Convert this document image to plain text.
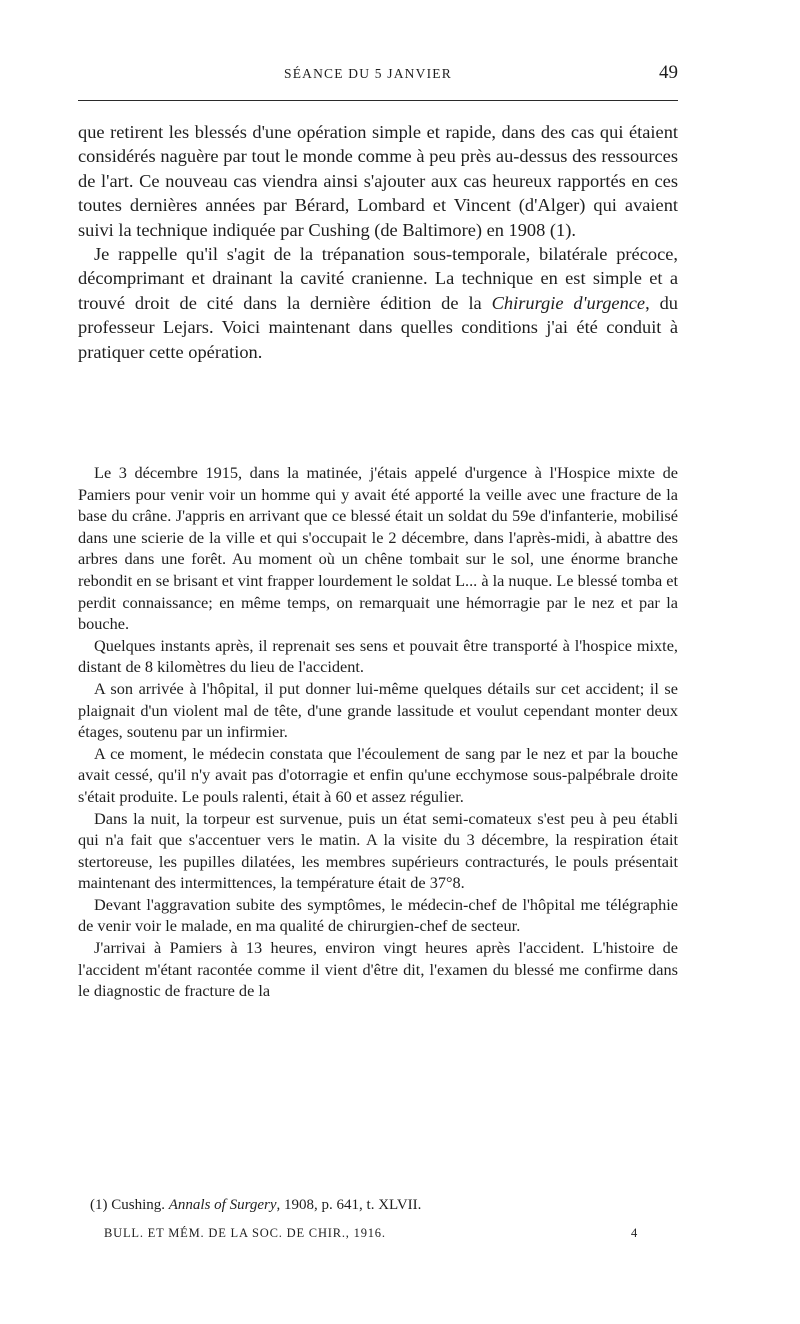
SÉANCE DU 5 JANVIER	49

que retirent les blessés d'une opération simple et rapide, dans des cas qui étaient considérés naguère par tout le monde comme à peu près au-dessus des ressources de l'art. Ce nouveau cas viendra ainsi s'ajouter aux cas heureux rapportés en ces toutes dernières années par Bérard, Lombard et Vincent (d'Alger) qui avaient suivi la technique indiquée par Cushing (de Baltimore) en 1908 (1).

Je rappelle qu'il s'agit de la trépanation sous-temporale, bilatérale précoce, décomprimant et drainant la cavité cranienne. La technique en est simple et a trouvé droit de cité dans la dernière édition de la Chirurgie d'urgence, du professeur Lejars. Voici maintenant dans quelles conditions j'ai été conduit à pratiquer cette opération.

Le 3 décembre 1915, dans la matinée, j'étais appelé d'urgence à l'Hospice mixte de Pamiers pour venir voir un homme qui y avait été apporté la veille avec une fracture de la base du crâne. J'appris en arrivant que ce blessé était un soldat du 59e d'infanterie, mobilisé dans une scierie de la ville et qui s'occupait le 2 décembre, dans l'après-midi, à abattre des arbres dans une forêt. Au moment où un chêne tombait sur le sol, une énorme branche rebondit en se brisant et vint frapper lourdement le soldat L... à la nuque. Le blessé tomba et perdit connaissance; en même temps, on remarquait une hémorragie par le nez et par la bouche.

Quelques instants après, il reprenait ses sens et pouvait être transporté à l'hospice mixte, distant de 8 kilomètres du lieu de l'accident.

A son arrivée à l'hôpital, il put donner lui-même quelques détails sur cet accident; il se plaignait d'un violent mal de tête, d'une grande lassitude et voulut cependant monter deux étages, soutenu par un infirmier.

A ce moment, le médecin constata que l'écoulement de sang par le nez et par la bouche avait cessé, qu'il n'y avait pas d'otorragie et enfin qu'une ecchymose sous-palpébrale droite s'était produite. Le pouls ralenti, était à 60 et assez régulier.

Dans la nuit, la torpeur est survenue, puis un état semi-comateux s'est peu à peu établi qui n'a fait que s'accentuer vers le matin. A la visite du 3 décembre, la respiration était stertoreuse, les pupilles dilatées, les membres supérieurs contracturés, le pouls présentait maintenant des intermittences, la température était de 37°8.

Devant l'aggravation subite des symptômes, le médecin-chef de l'hôpital me télégraphie de venir voir le malade, en ma qualité de chirurgien-chef de secteur.

J'arrivai à Pamiers à 13 heures, environ vingt heures après l'accident. L'histoire de l'accident m'étant racontée comme il vient d'être dit, l'examen du blessé me confirme dans le diagnostic de fracture de la

(1) Cushing. Annals of Surgery, 1908, p. 641, t. XLVII.
BULL. ET MÉM. DE LA SOC. DE CHIR., 1916.	4
